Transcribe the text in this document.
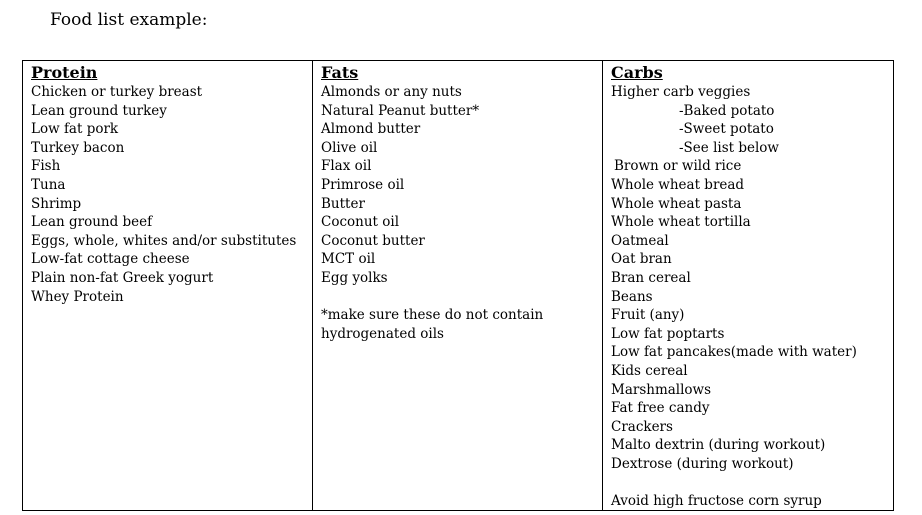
Food list example:
Protein
Chicken or turkey breast
Lean ground turkey
Low fat pork
Turkey bacon
Fish
Tuna
Shrimp
Lean ground beef
Eggs, whole, whites and/or substitutes
Low-fat cottage cheese
Plain non-fat Greek yogurt
Whey Protein
Fats
Almonds or any nuts
Natural Peanut butter*
Almond butter
Olive oil
Flax oil
Primrose oil
Butter
Coconut oil
Coconut butter
MCT oil
Egg yolks
*make sure these do not contain
hydrogenated oils
Carbs
Higher carb veggies
-Baked potato
-Sweet potato
-See list below
Brown or wild rice
Whole wheat bread
Whole wheat pasta
Whole wheat tortilla
Oatmeal
Oat bran
Bran cereal
Beans
Fruit (any)
Low fat poptarts
Low fat pancakes(made with water)
Kids cereal
Marshmallows
Fat free candy
Crackers
Malto dextrin (during workout)
Dextrose (during workout)
Avoid high fructose corn syrup
